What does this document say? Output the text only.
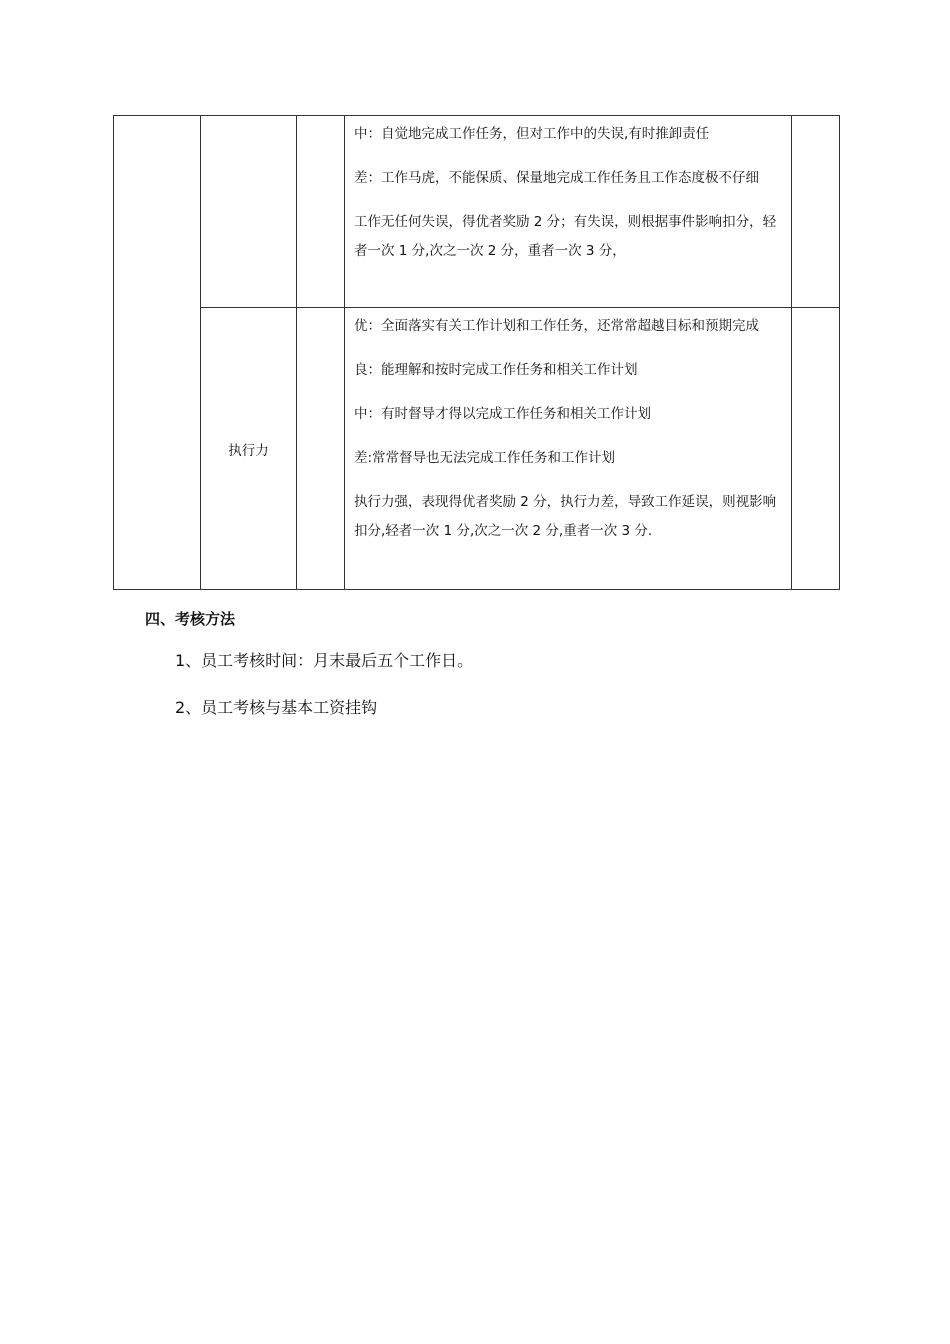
			中：自觉地完成工作任务，但对工作中的失误,有时推卸责任

差：工作马虎，不能保质、保量地完成工作任务且工作态度极不仔细

工作无任何失误，得优者奖励 2 分；有失误，则根据事件影响扣分，轻者一次 1 分,次之一次 2 分，重者一次 3 分，	

	执行力		优：全面落实有关工作计划和工作任务，还常常超越目标和预期完成

良：能理解和按时完成工作任务和相关工作计划

中：有时督导才得以完成工作任务和相关工作计划

差:常常督导也无法完成工作任务和工作计划

执行力强，表现得优者奖励 2 分，执行力差，导致工作延误，则视影响扣分,轻者一次 1 分,次之一次 2 分,重者一次 3 分.	

四、考核方法

1、员工考核时间：月末最后五个工作日。

2、员工考核与基本工资挂钩
